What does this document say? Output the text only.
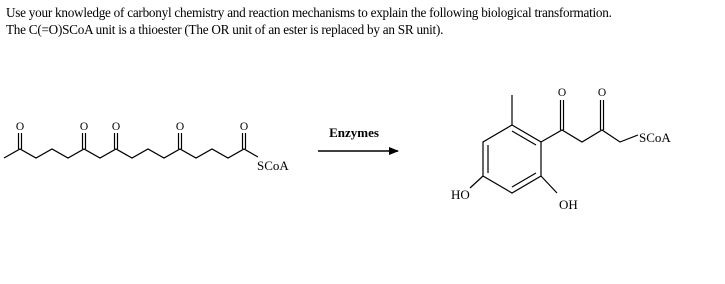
Use your knowledge of carbonyl chemistry and reaction mechanisms to explain the following biological transformation.

The C(=O)SCoA unit is a thioester (The OR unit of an ester is replaced by an SR unit).

O	O O	O	O
SCoA
Enzymes
O	O
SCoA
HO
OH
